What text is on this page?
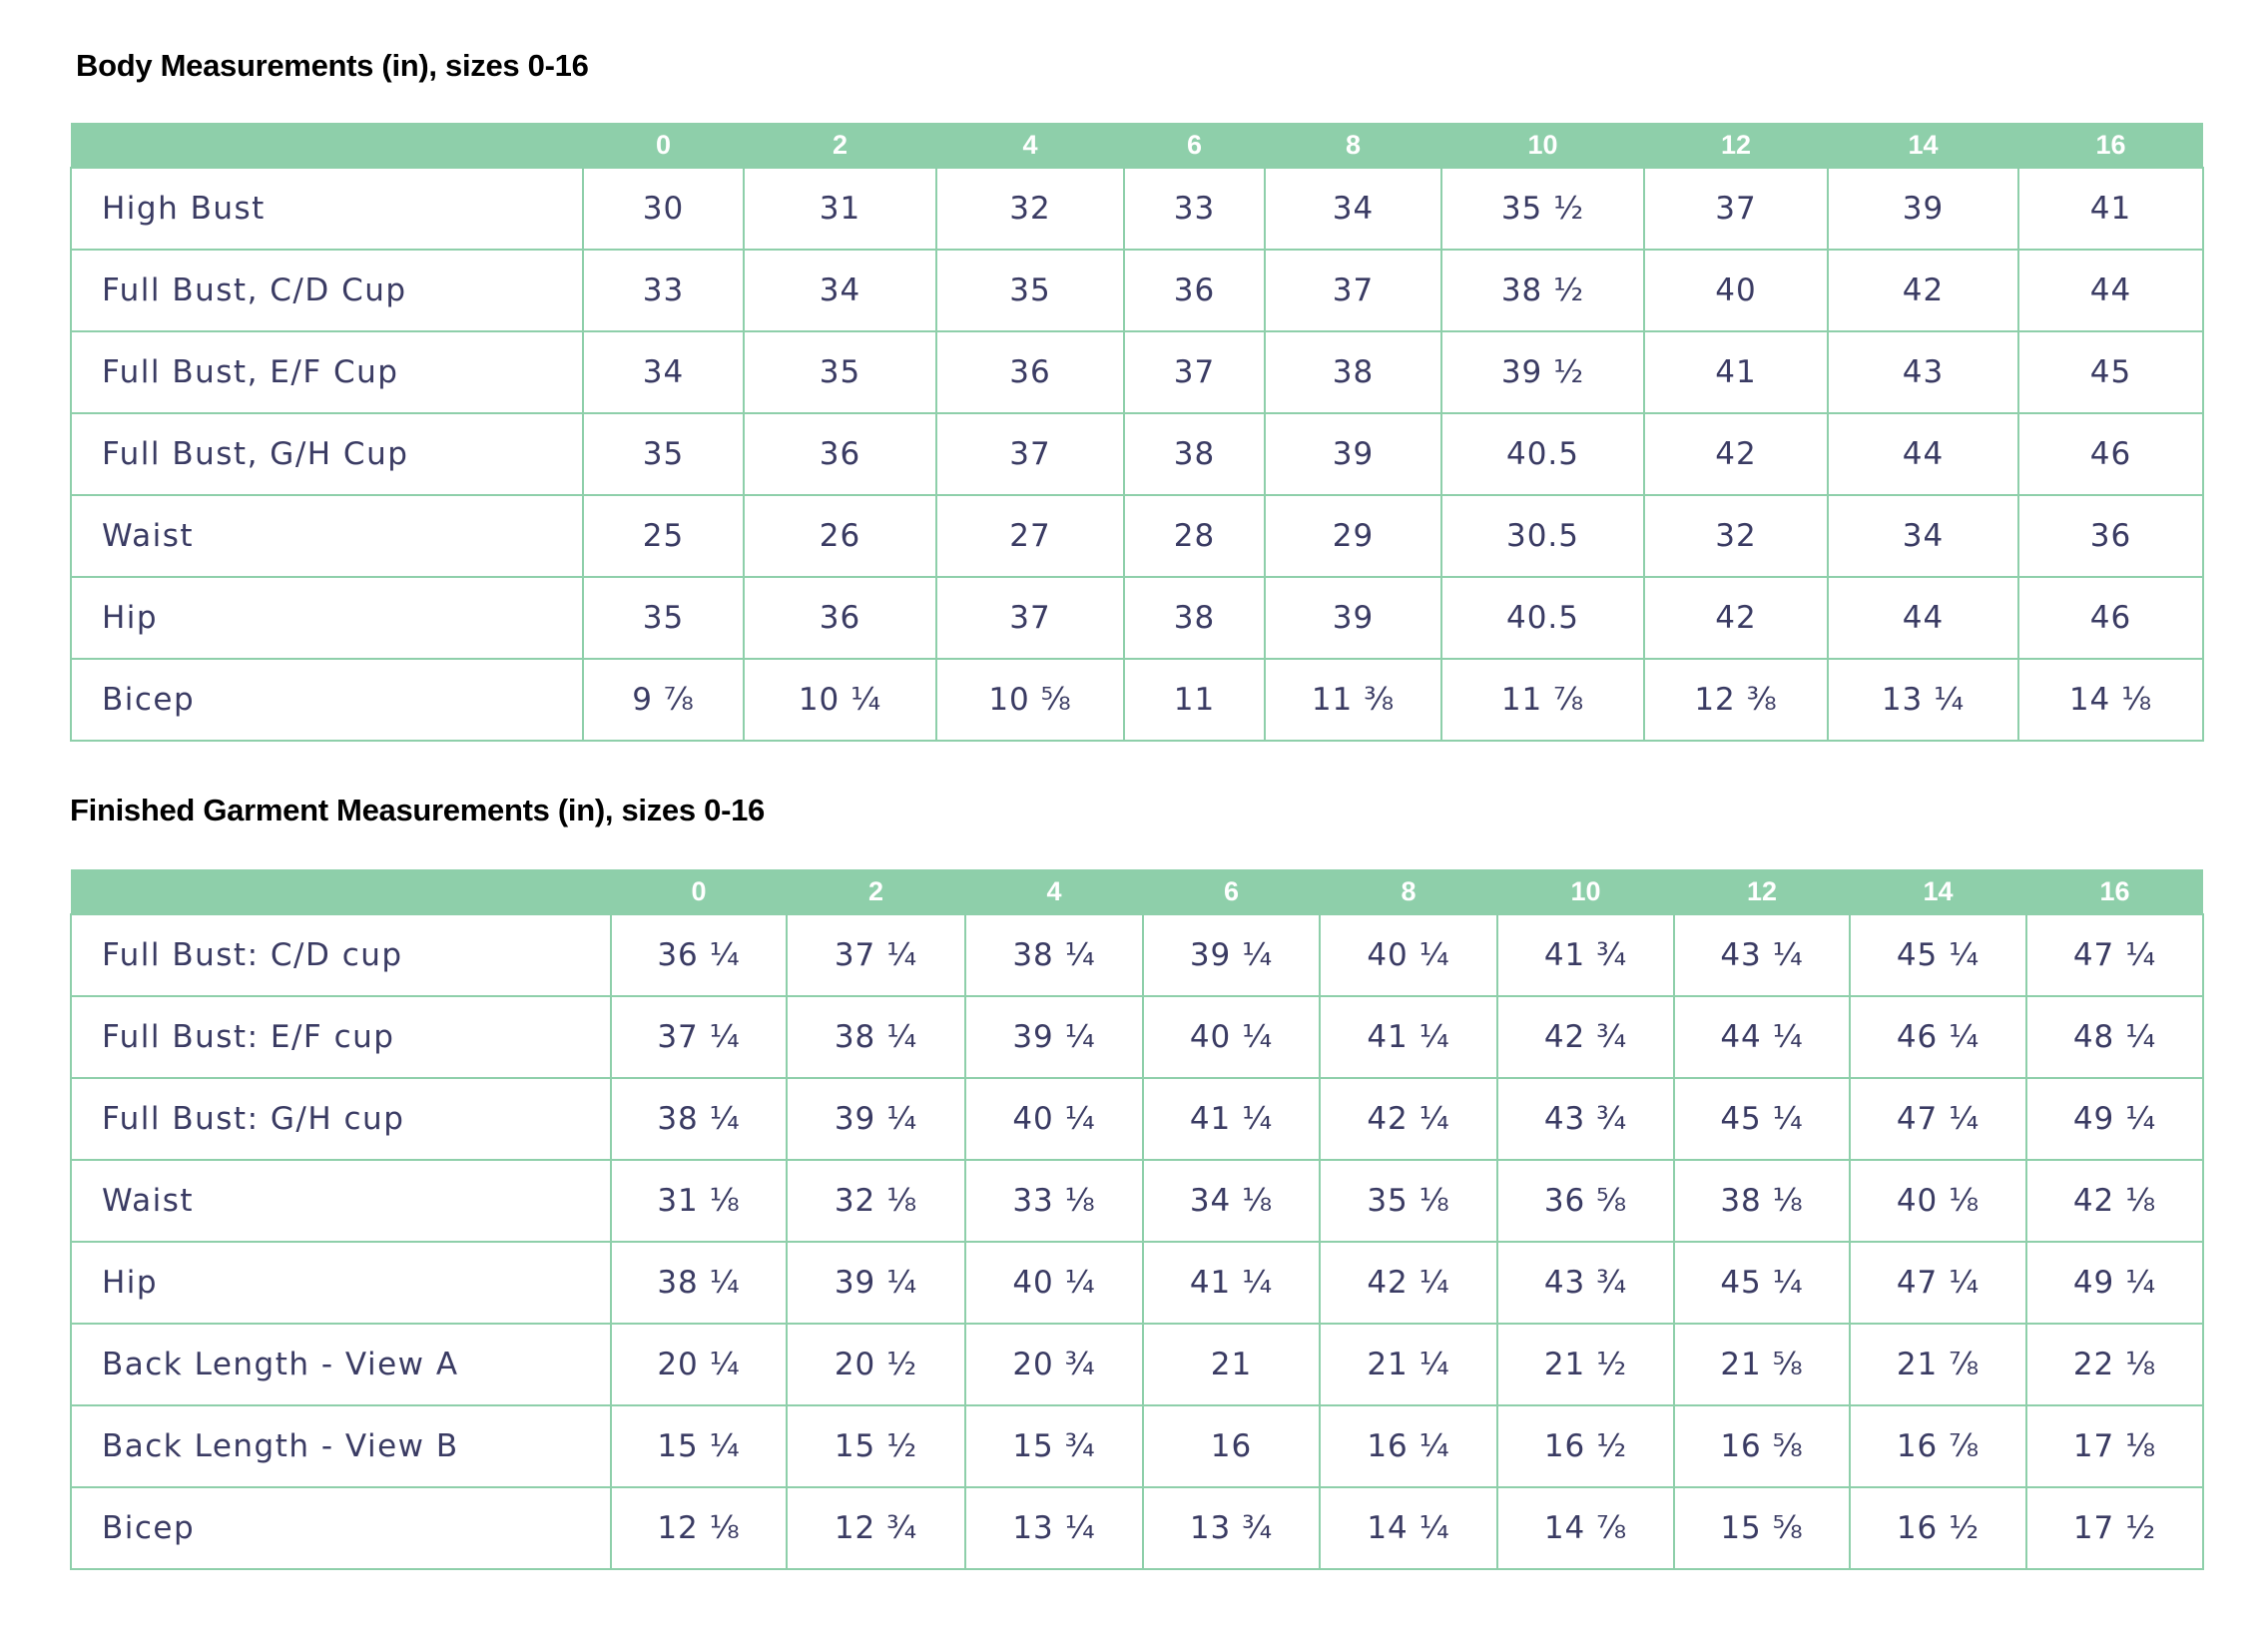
Body Measurements (in), sizes 0-16
	0	2	4	6	8	10	12	14	16
High Bust	30	31	32	33	34	35 ½	37	39	41
Full Bust, C/D Cup	33	34	35	36	37	38 ½	40	42	44
Full Bust, E/F Cup	34	35	36	37	38	39 ½	41	43	45
Full Bust, G/H Cup	35	36	37	38	39	40.5	42	44	46
Waist	25	26	27	28	29	30.5	32	34	36
Hip	35	36	37	38	39	40.5	42	44	46
Bicep	9 ⅞	10 ¼	10 ⅝	11	11 ⅜	11 ⅞	12 ⅜	13 ¼	14 ⅛
Finished Garment Measurements (in), sizes 0-16
	0	2	4	6	8	10	12	14	16
Full Bust: C/D cup	36 ¼	37 ¼	38 ¼	39 ¼	40 ¼	41 ¾	43 ¼	45 ¼	47 ¼
Full Bust: E/F cup	37 ¼	38 ¼	39 ¼	40 ¼	41 ¼	42 ¾	44 ¼	46 ¼	48 ¼
Full Bust: G/H cup	38 ¼	39 ¼	40 ¼	41 ¼	42 ¼	43 ¾	45 ¼	47 ¼	49 ¼
Waist	31 ⅛	32 ⅛	33 ⅛	34 ⅛	35 ⅛	36 ⅝	38 ⅛	40 ⅛	42 ⅛
Hip	38 ¼	39 ¼	40 ¼	41 ¼	42 ¼	43 ¾	45 ¼	47 ¼	49 ¼
Back Length - View A	20 ¼	20 ½	20 ¾	21	21 ¼	21 ½	21 ⅝	21 ⅞	22 ⅛
Back Length - View B	15 ¼	15 ½	15 ¾	16	16 ¼	16 ½	16 ⅝	16 ⅞	17 ⅛
Bicep	12 ⅛	12 ¾	13 ¼	13 ¾	14 ¼	14 ⅞	15 ⅝	16 ½	17 ½
